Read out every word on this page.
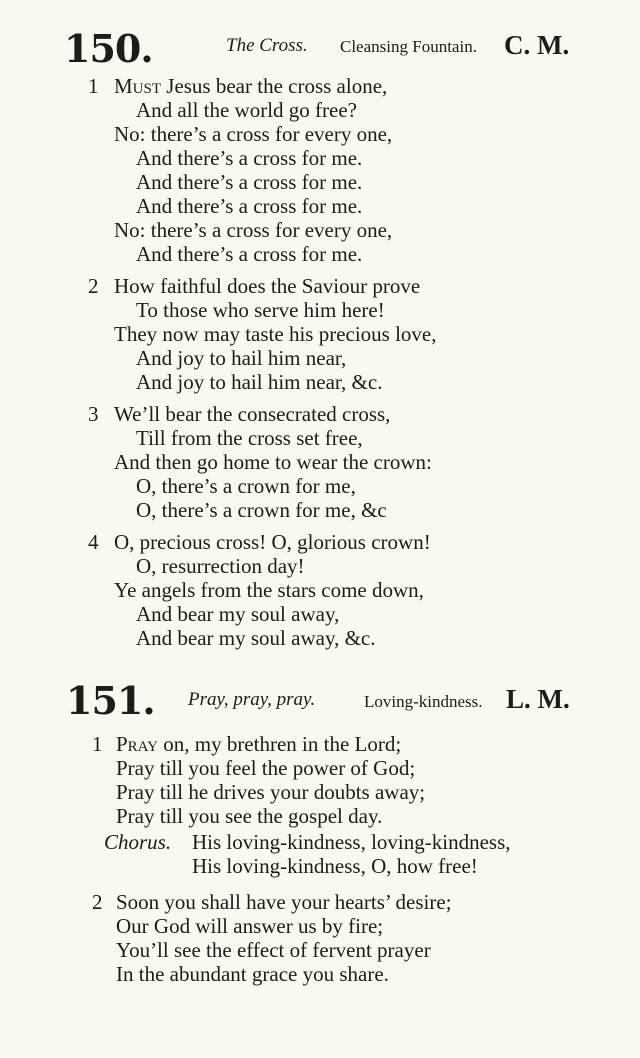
150.	The Cross. Cleansing Fountain. C. M.
1 Must Jesus bear the cross alone,
And all the world go free?
No: there’s a cross for every one,
And there’s a cross for me.
And there’s a cross for me.
And there’s a cross for me.
No: there’s a cross for every one,
And there’s a cross for me.
2 How faithful does the Saviour prove
To those who serve him here!
They now may taste his precious love,
And joy to hail him near,
And joy to hail him near, &c.
3 We’ll bear the consecrated cross,
Till from the cross set free,
And then go home to wear the crown:
O, there’s a crown for me,
O, there’s a crown for me, &c
4 O, precious cross! O, glorious crown!
O, resurrection day!
Ye angels from the stars come down,
And bear my soul away,
And bear my soul away, &c.
151. Pray, pray, pray.	Loving-kindness. L. M.
1 Pray on, my brethren in the Lord;
Pray till you feel the power of God;
Pray till he drives your doubts away;
Pray till you see the gospel day.
Chorus. His loving-kindness, loving-kindness,
His loving-kindness, O, how free!
2 Soon you shall have your hearts’ desire;
Our God will answer us by fire;
You’ll see the effect of fervent prayer
In the abundant grace you share.
